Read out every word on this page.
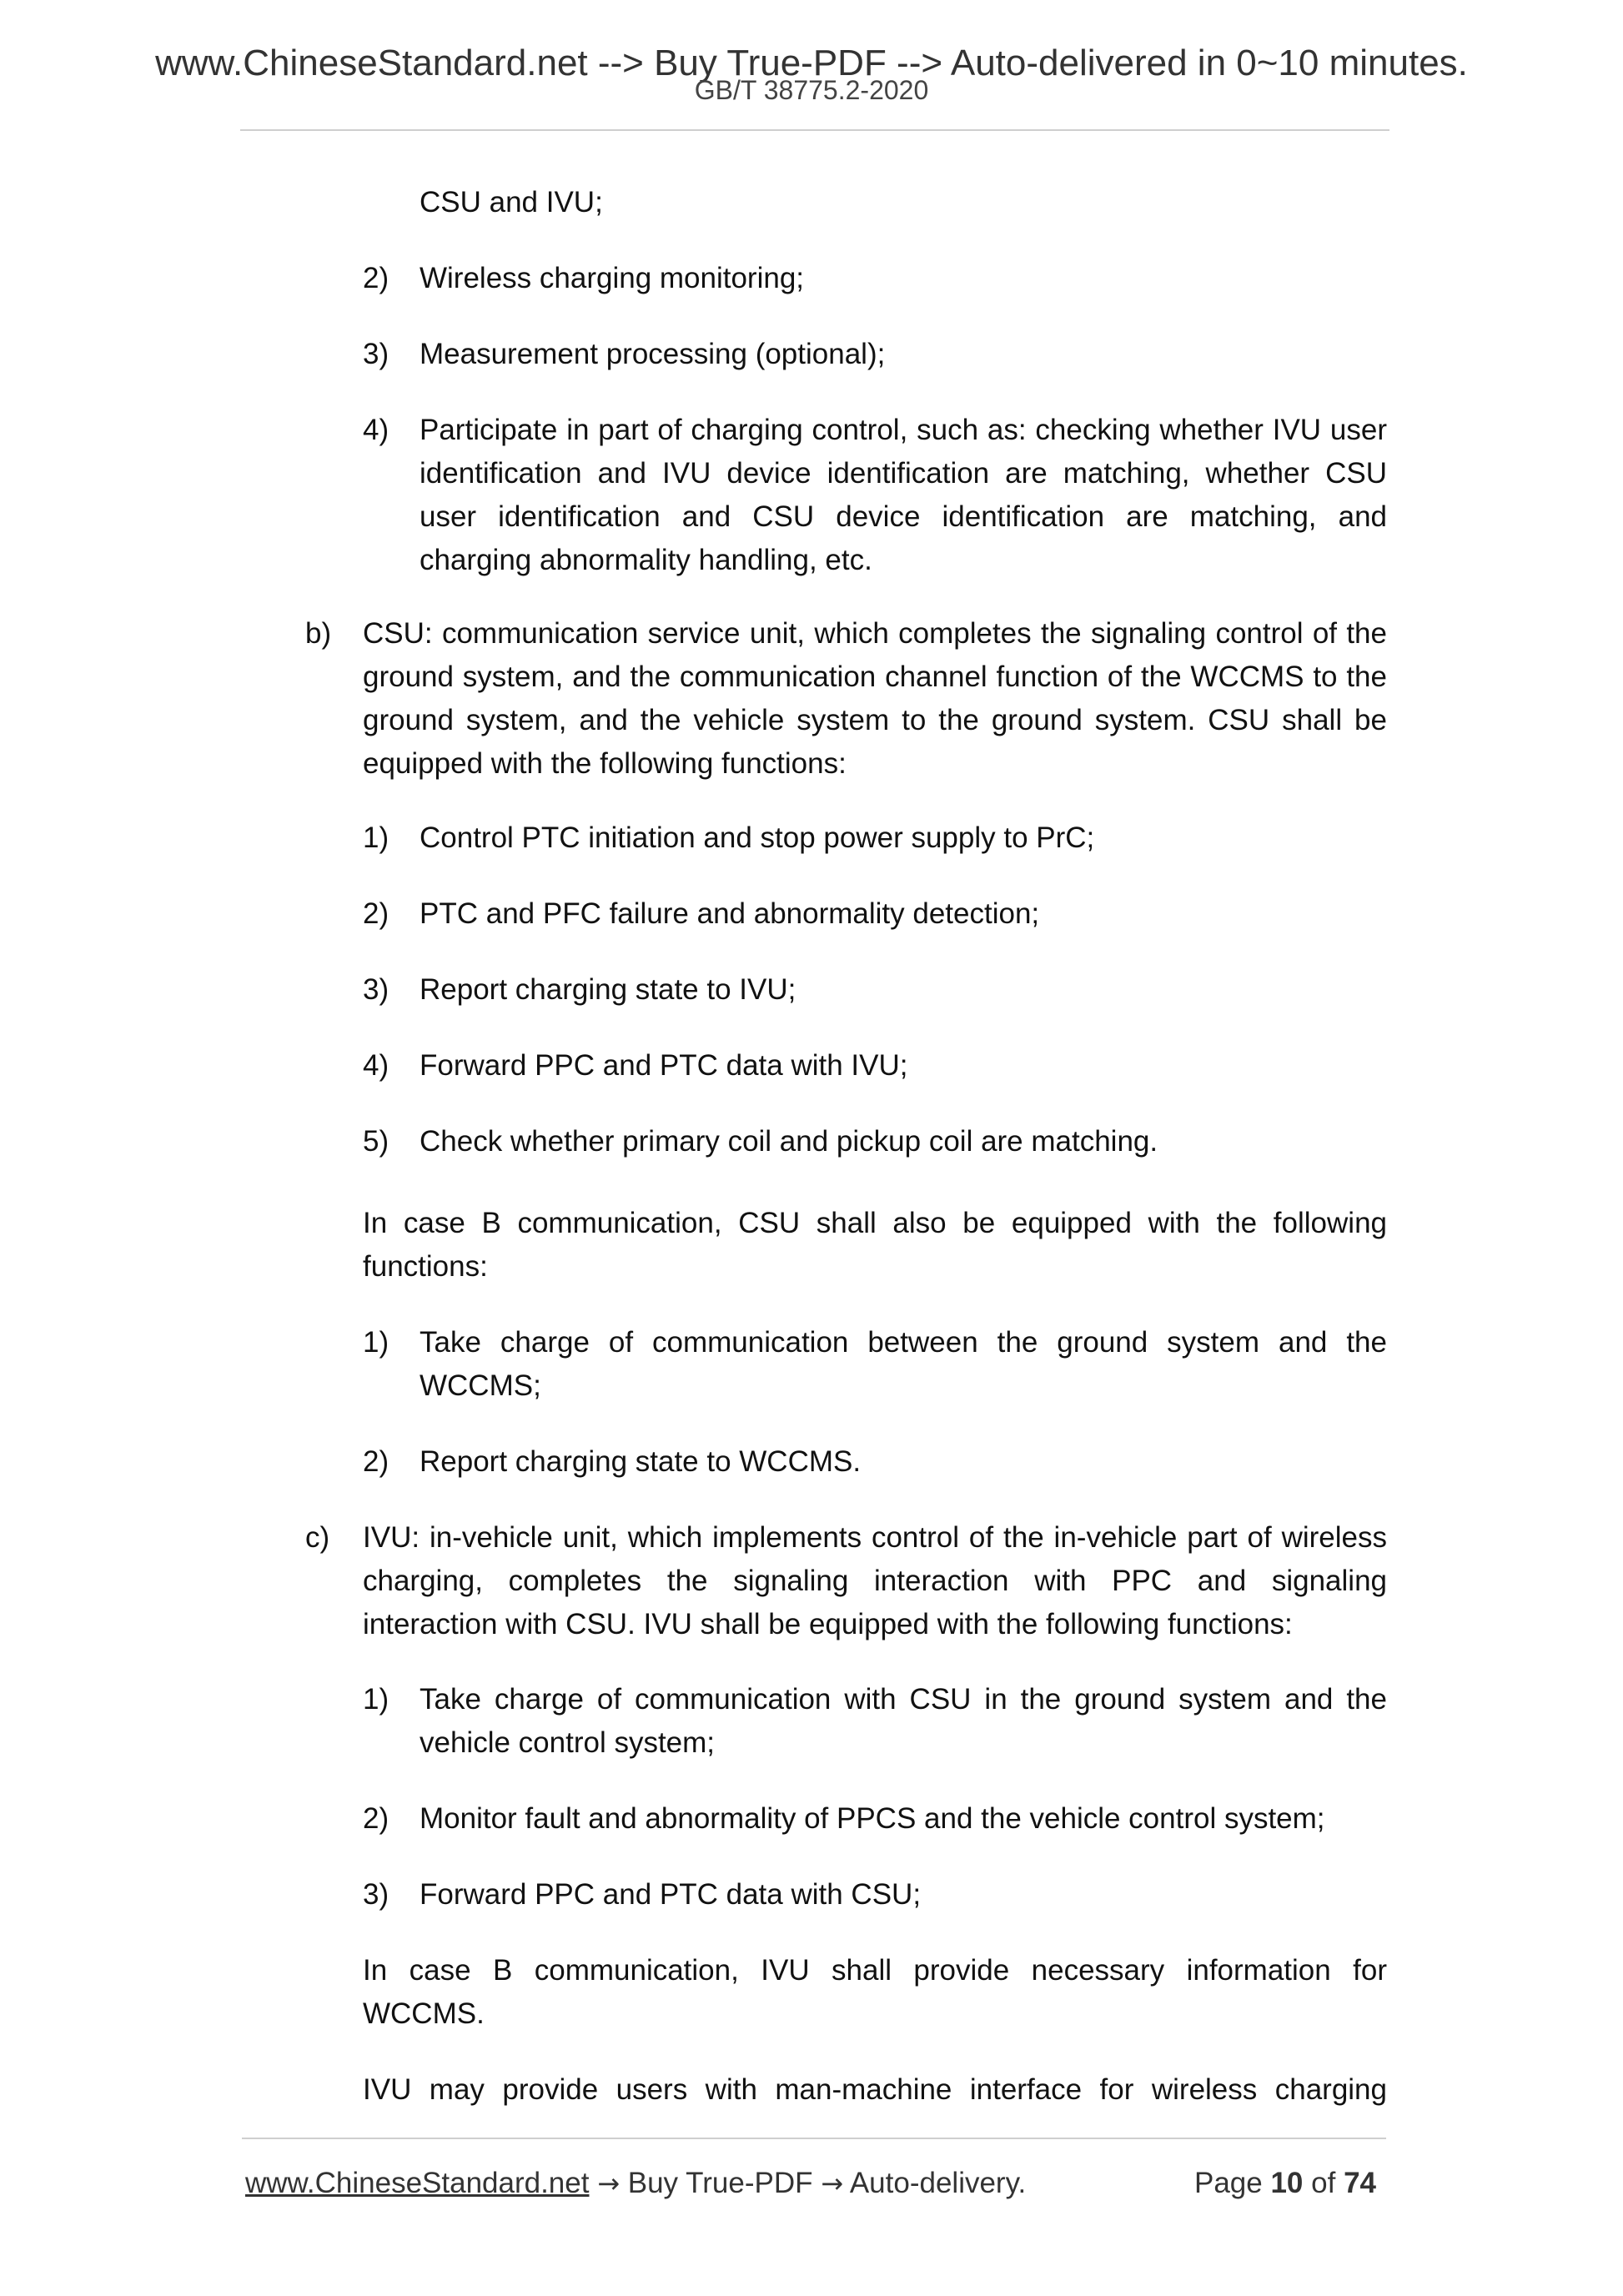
www.ChineseStandard.net --> Buy True-PDF --> Auto-delivered in 0~10 minutes.
GB/T 38775.2-2020
CSU and IVU;
2) Wireless charging monitoring;
3) Measurement processing (optional);
4) Participate in part of charging control, such as: checking whether IVU user identification and IVU device identification are matching, whether CSU user identification and CSU device identification are matching, and charging abnormality handling, etc.
b) CSU: communication service unit, which completes the signaling control of the ground system, and the communication channel function of the WCCMS to the ground system, and the vehicle system to the ground system. CSU shall be equipped with the following functions:
1) Control PTC initiation and stop power supply to PrC;
2) PTC and PFC failure and abnormality detection;
3) Report charging state to IVU;
4) Forward PPC and PTC data with IVU;
5) Check whether primary coil and pickup coil are matching.
In case B communication, CSU shall also be equipped with the following functions:
1) Take charge of communication between the ground system and the WCCMS;
2) Report charging state to WCCMS.
c) IVU: in-vehicle unit, which implements control of the in-vehicle part of wireless charging, completes the signaling interaction with PPC and signaling interaction with CSU. IVU shall be equipped with the following functions:
1) Take charge of communication with CSU in the ground system and the vehicle control system;
2) Monitor fault and abnormality of PPCS and the vehicle control system;
3) Forward PPC and PTC data with CSU;
In case B communication, IVU shall provide necessary information for WCCMS.
IVU may provide users with man-machine interface for wireless charging
www.ChineseStandard.net → Buy True-PDF → Auto-delivery.	Page 10 of 74
